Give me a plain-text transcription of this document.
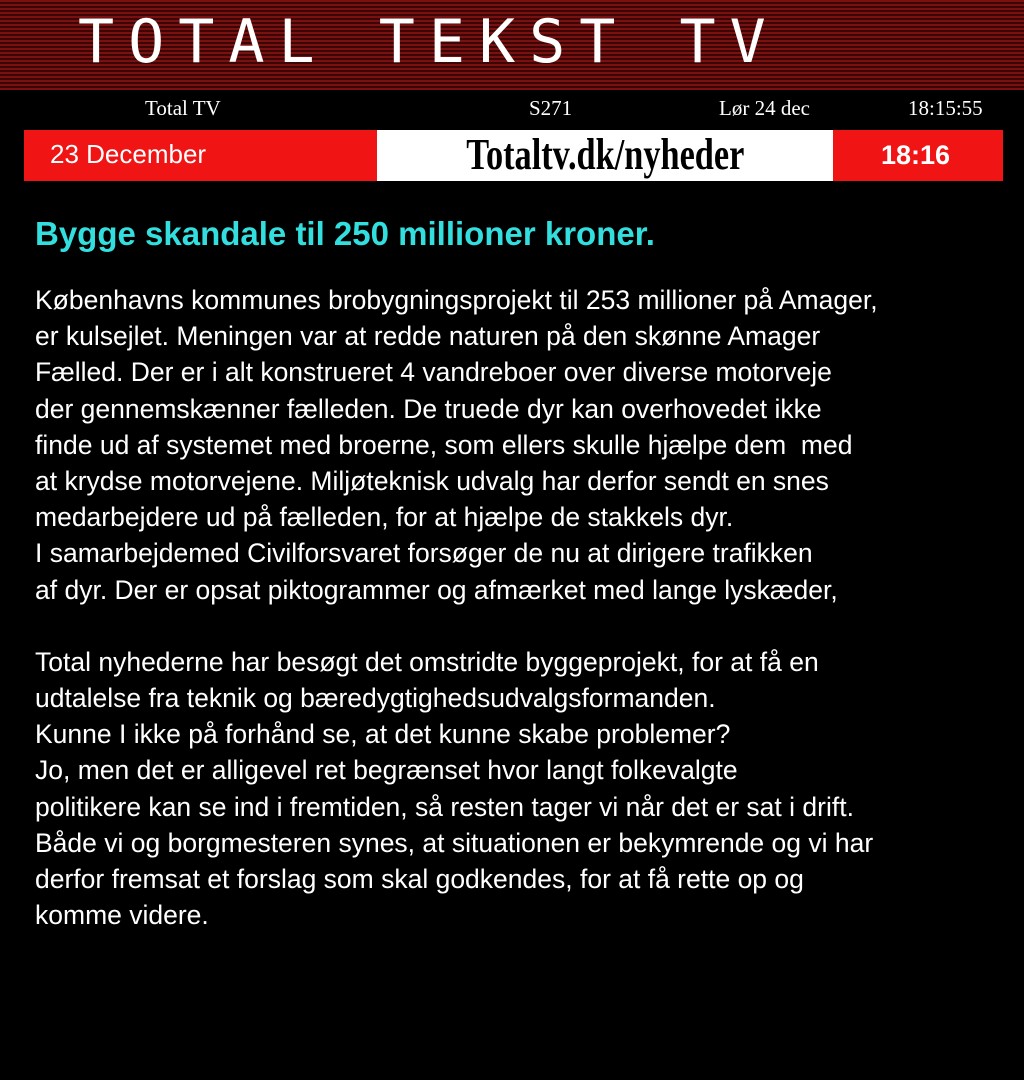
TOTAL TEKST TV
Total TV	S271	Lør 24 dec	18:15:55
23 December	Totaltv.dk/nyheder	18:16
Bygge skandale til 250 millioner kroner.
Københavns kommunes brobygningsprojekt til 253 millioner på Amager,
er kulsejlet. Meningen var at redde naturen på den skønne Amager
Fælled. Der er i alt konstrueret 4 vandreboer over diverse motorveje
der gennemskænner fælleden. De truede dyr kan overhovedet ikke
finde ud af systemet med broerne, som ellers skulle hjælpe dem  med
at krydse motorvejene. Miljøteknisk udvalg har derfor sendt en snes
medarbejdere ud på fælleden, for at hjælpe de stakkels dyr.
I samarbejdemed Civilforsvaret forsøger de nu at dirigere trafikken
af dyr. Der er opsat piktogrammer og afmærket med lange lyskæder,
Total nyhederne har besøgt det omstridte byggeprojekt, for at få en
udtalelse fra teknik og bæredygtighedsudvalgsformanden.
Kunne I ikke på forhånd se, at det kunne skabe problemer?
Jo, men det er alligevel ret begrænset hvor langt folkevalgte
politikere kan se ind i fremtiden, så resten tager vi når det er sat i drift.
Både vi og borgmesteren synes, at situationen er bekymrende og vi har
derfor fremsat et forslag som skal godkendes, for at få rette op og
komme videre.
